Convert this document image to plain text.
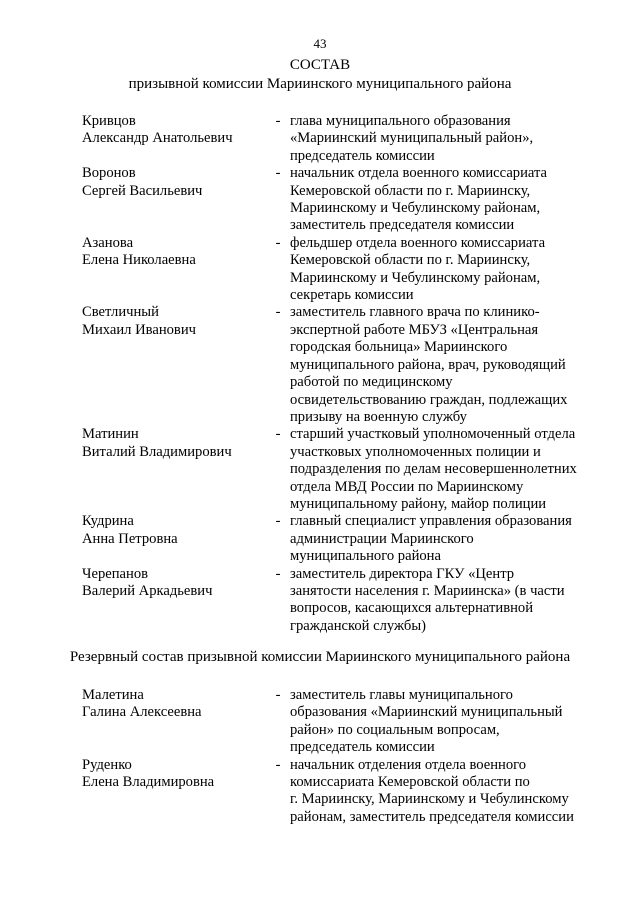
43
СОСТАВ
призывной комиссии Мариинского муниципального района
Кривцов
Александр Анатольевич
- глава муниципального образования
«Мариинский муниципальный район»,
председатель комиссии
Воронов
Сергей Васильевич
- начальник отдела военного комиссариата
Кемеровской области по г. Мариинску,
Мариинскому и Чебулинскому районам,
заместитель председателя комиссии
Азанова
Елена Николаевна
- фельдшер отдела военного комиссариата
Кемеровской области по г. Мариинску,
Мариинскому и Чебулинскому районам,
секретарь комиссии
Светличный
Михаил Иванович
- заместитель главного врача по клинико-
экспертной работе МБУЗ «Центральная
городская больница» Мариинского
муниципального района, врач, руководящий
работой по медицинскому
освидетельствованию граждан, подлежащих
призыву на военную службу
Матинин
Виталий Владимирович
- старший участковый уполномоченный отдела
участковых уполномоченных полиции и
подразделения по делам несовершеннолетних
отдела МВД России по Мариинскому
муниципальному району, майор полиции
Кудрина
Анна Петровна
- главный специалист управления образования
администрации Мариинского
муниципального района
Черепанов
Валерий Аркадьевич
- заместитель директора ГКУ «Центр
занятости населения г. Мариинска» (в части
вопросов, касающихся альтернативной
гражданской службы)
Резервный состав призывной комиссии Мариинского муниципального района
Малетина
Галина Алексеевна
- заместитель главы муниципального
образования «Мариинский муниципальный
район» по социальным вопросам,
председатель комиссии
Руденко
Елена Владимировна
- начальник отделения отдела военного
комиссариата Кемеровской области по
г. Мариинску, Мариинскому и Чебулинскому
районам, заместитель председателя комиссии
